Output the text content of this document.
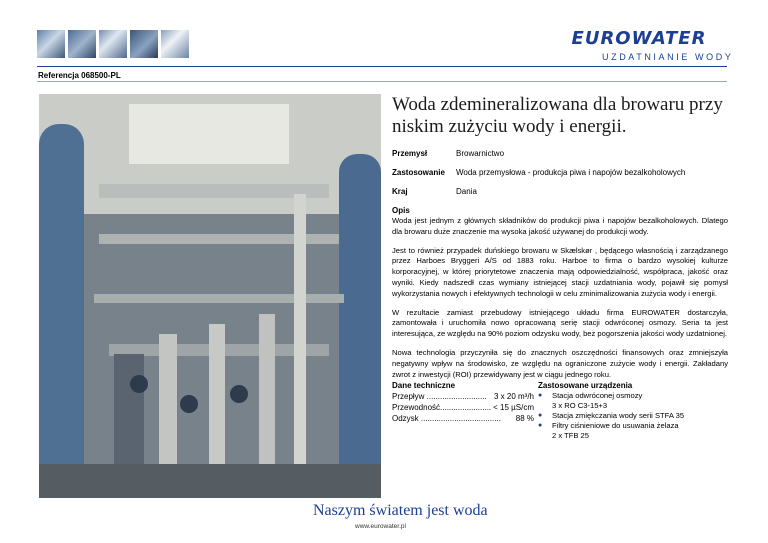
EUROWATER
UZDATNIANIE WODY
Referencja 068500-PL
Woda zdemineralizowana dla browaru przy niskim zużyciu wody i energii.
Przemysł	Browarnictwo
Zastosowanie	Woda przemysłowa - produkcja piwa i napojów bezalkoholowych
Kraj	Dania
Opis

Woda jest jednym z głównych składników do produkcji piwa i napojów bezalkoholowych. Dlatego dla browaru duże znaczenie ma wysoka jakość używanej do produkcji wody.

Jest to również przypadek duńskiego browaru w Skælskør , będącego własnością i zarządzanego przez Harboes Bryggeri A/S od 1883 roku. Harboe to firma o bardzo wysokiej kulturze korporacyjnej, w której priorytetowe znaczenia mają odpowiedzialność, współpraca, jakość oraz wyniki. Kiedy nadszedł czas wymiany istniejącej stacji uzdatniania wody, pojawił się pomysł wykorzystania nowych i efektywnych technologii w celu zminimalizowania zużycia wody i energii.

W rezultacie zamiast przebudowy istniejącego układu firma EUROWATER dostarczyła, zamontowała i uruchomiła nowo opracowaną serię stacji odwróconej osmozy. Seria ta jest interesująca, ze względu na 90% poziom odzysku wody, bez pogorszenia jakości wody uzdatnionej.

Nowa technologia przyczyniła się do znacznych oszczędności finansowych oraz zmniejszyła negatywny wpływ na środowisko, ze względu na ograniczone zużycie wody i energii. Zakładany zwrot z inwestycji (ROI) przewidywany jest w ciągu jednego roku.

Dane techniczne
Przepływ ........................... 3 x 20 m³/h
Przewodność....................... < 15 µS/cm
Odzysk .................................... 88 %
Zastosowane urządzenia
●	Stacja odwróconej osmozy
3 x RO C3-15+3
●	Stacja zmiękczania wody serii STFA 35
●	Filtry ciśnieniowe do usuwania żelaza
2 x TFB 25
Naszym światem jest woda
www.eurowater.pl
